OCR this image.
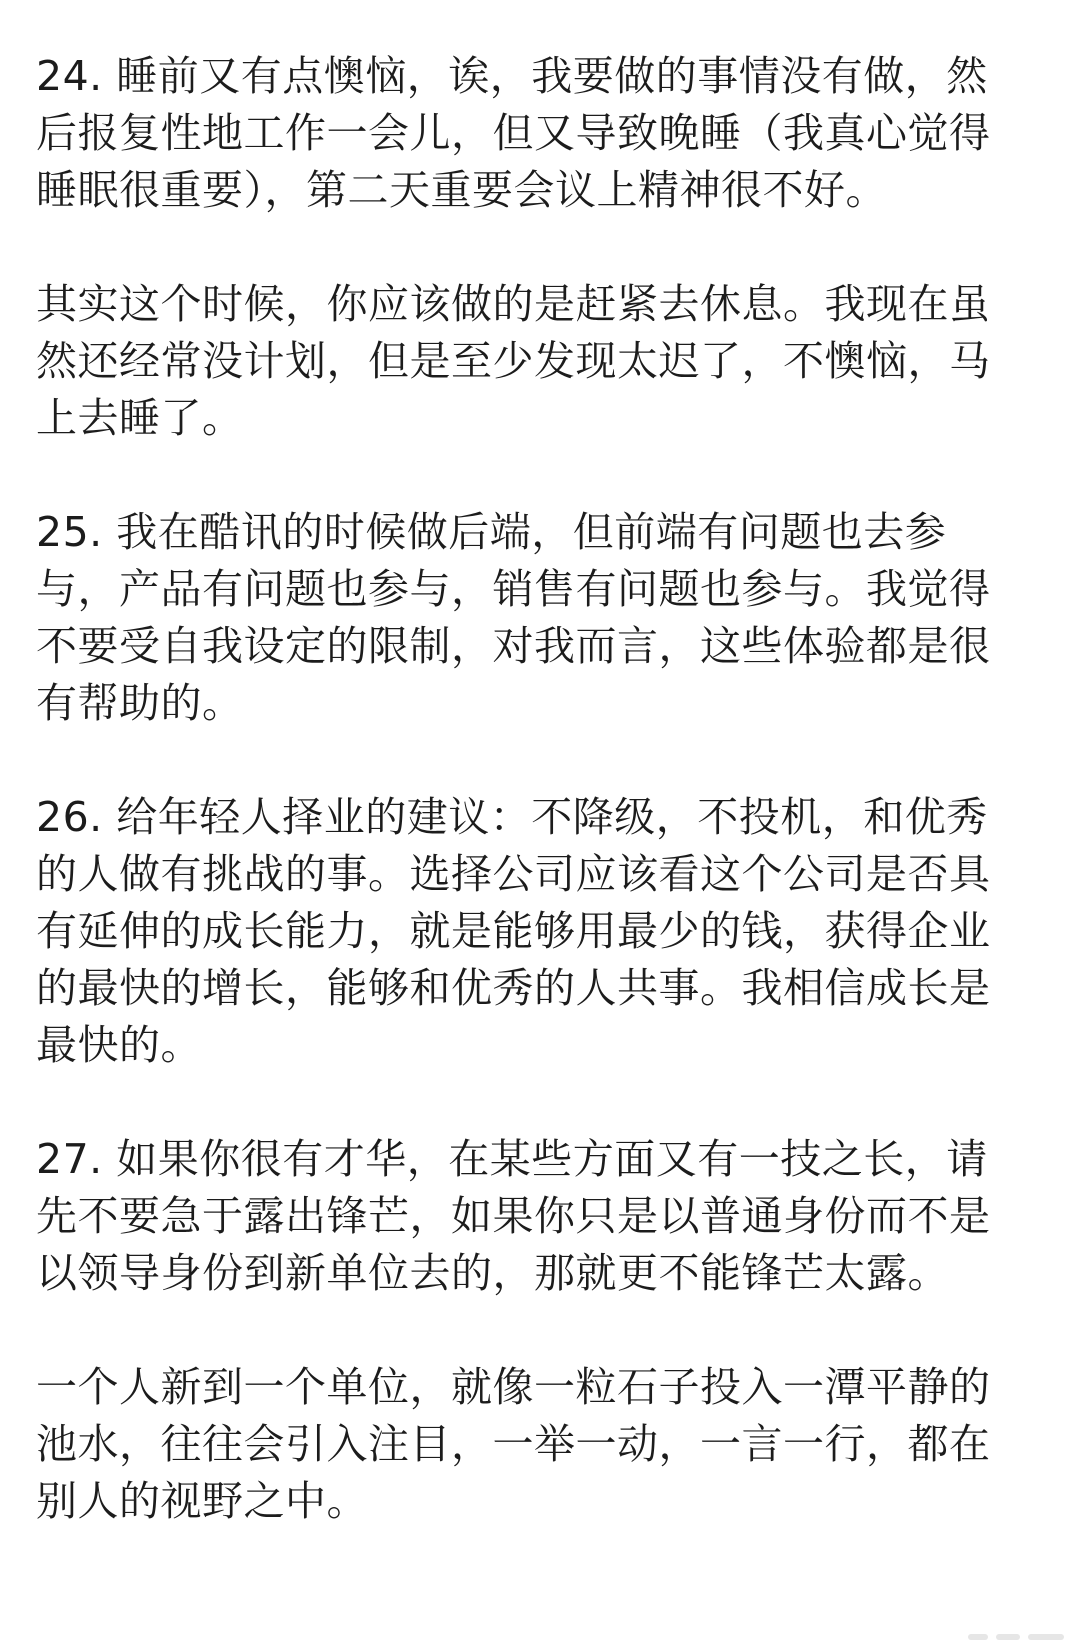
24. 睡前又有点懊恼，诶，我要做的事情没有做，然
后报复性地工作一会儿，但又导致晚睡（我真心觉得
睡眠很重要），第二天重要会议上精神很不好。
其实这个时候，你应该做的是赶紧去休息。我现在虽
然还经常没计划，但是至少发现太迟了，不懊恼，马
上去睡了。
25. 我在酷讯的时候做后端，但前端有问题也去参
与，产品有问题也参与，销售有问题也参与。我觉得
不要受自我设定的限制，对我而言，这些体验都是很
有帮助的。
26. 给年轻人择业的建议：不降级，不投机，和优秀
的人做有挑战的事。选择公司应该看这个公司是否具
有延伸的成长能力，就是能够用最少的钱，获得企业
的最快的增长，能够和优秀的人共事。我相信成长是
最快的。
27. 如果你很有才华，在某些方面又有一技之长，请
先不要急于露出锋芒，如果你只是以普通身份而不是
以领导身份到新单位去的，那就更不能锋芒太露。
一个人新到一个单位，就像一粒石子投入一潭平静的
池水，往往会引入注目，一举一动，一言一行，都在
别人的视野之中。
